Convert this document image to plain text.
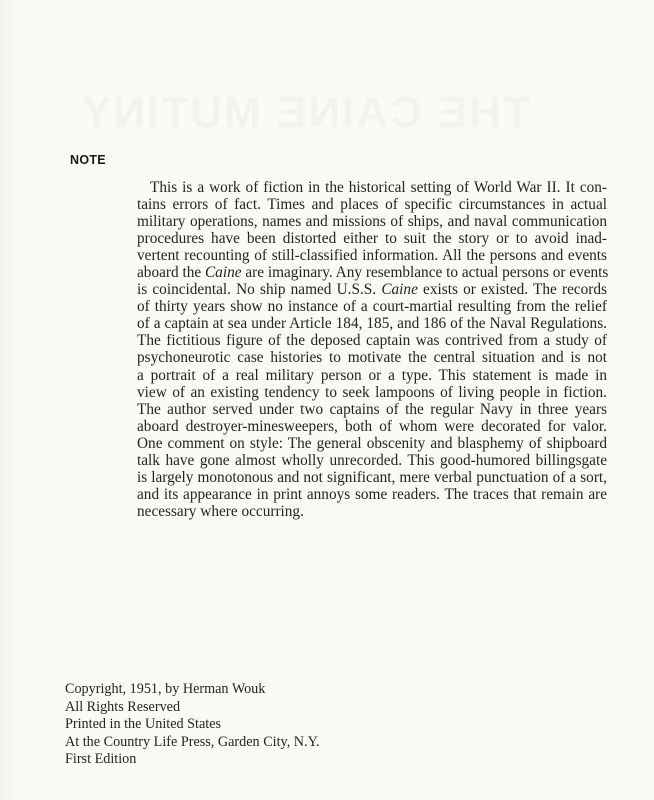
THE CAINE MUTINY
NOTE
This is a work of fiction in the historical setting of World War II. It con-
tains errors of fact. Times and places of specific circumstances in actual
military operations, names and missions of ships, and naval communication
procedures have been distorted either to suit the story or to avoid inad-
vertent recounting of still-classified information. All the persons and events
aboard the Caine are imaginary. Any resemblance to actual persons or events
is coincidental. No ship named U.S.S. Caine exists or existed. The records
of thirty years show no instance of a court-martial resulting from the relief
of a captain at sea under Article 184, 185, and 186 of the Naval Regulations.
The fictitious figure of the deposed captain was contrived from a study of
psychoneurotic case histories to motivate the central situation and is not
a portrait of a real military person or a type. This statement is made in
view of an existing tendency to seek lampoons of living people in fiction.
The author served under two captains of the regular Navy in three years
aboard destroyer-minesweepers, both of whom were decorated for valor.
One comment on style: The general obscenity and blasphemy of shipboard
talk have gone almost wholly unrecorded. This good-humored billingsgate
is largely monotonous and not significant, mere verbal punctuation of a sort,
and its appearance in print annoys some readers. The traces that remain are
necessary where occurring.
Copyright, 1951, by Herman Wouk
All Rights Reserved
Printed in the United States
At the Country Life Press, Garden City, N.Y.
First Edition
